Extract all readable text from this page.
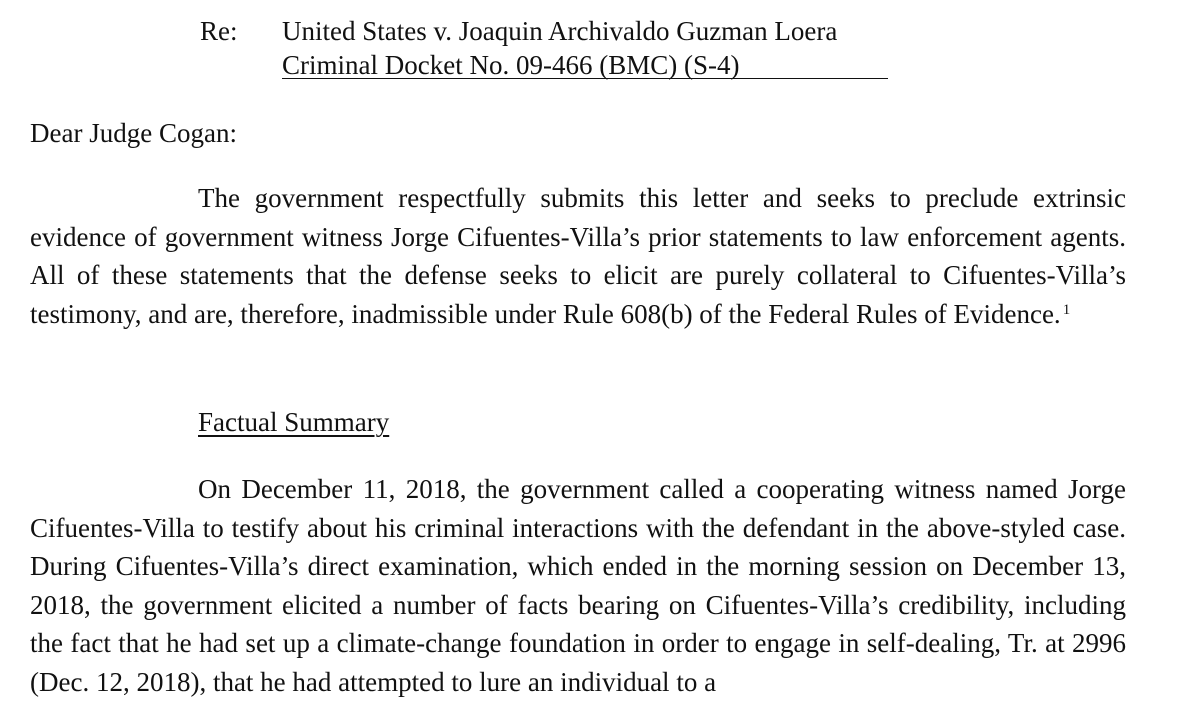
Re: United States v. Joaquin Archivaldo Guzman Loera
Criminal Docket No. 09-466 (BMC) (S-4)
Dear Judge Cogan:

The government respectfully submits this letter and seeks to preclude extrinsic evidence of government witness Jorge Cifuentes-Villa’s prior statements to law enforcement agents. All of these statements that the defense seeks to elicit are purely collateral to Cifuentes-Villa’s testimony, and are, therefore, inadmissible under Rule 608(b) of the Federal Rules of Evidence. $^1$

Factual Summary

On December 11, 2018, the government called a cooperating witness named Jorge Cifuentes-Villa to testify about his criminal interactions with the defendant in the above-styled case. During Cifuentes-Villa’s direct examination, which ended in the morning session on December 13, 2018, the government elicited a number of facts bearing on Cifuentes-Villa’s credibility, including the fact that he had set up a climate-change foundation in order to engage in self-dealing, Tr. at 2996 (Dec. 12, 2018), that he had attempted to lure an individual to a
